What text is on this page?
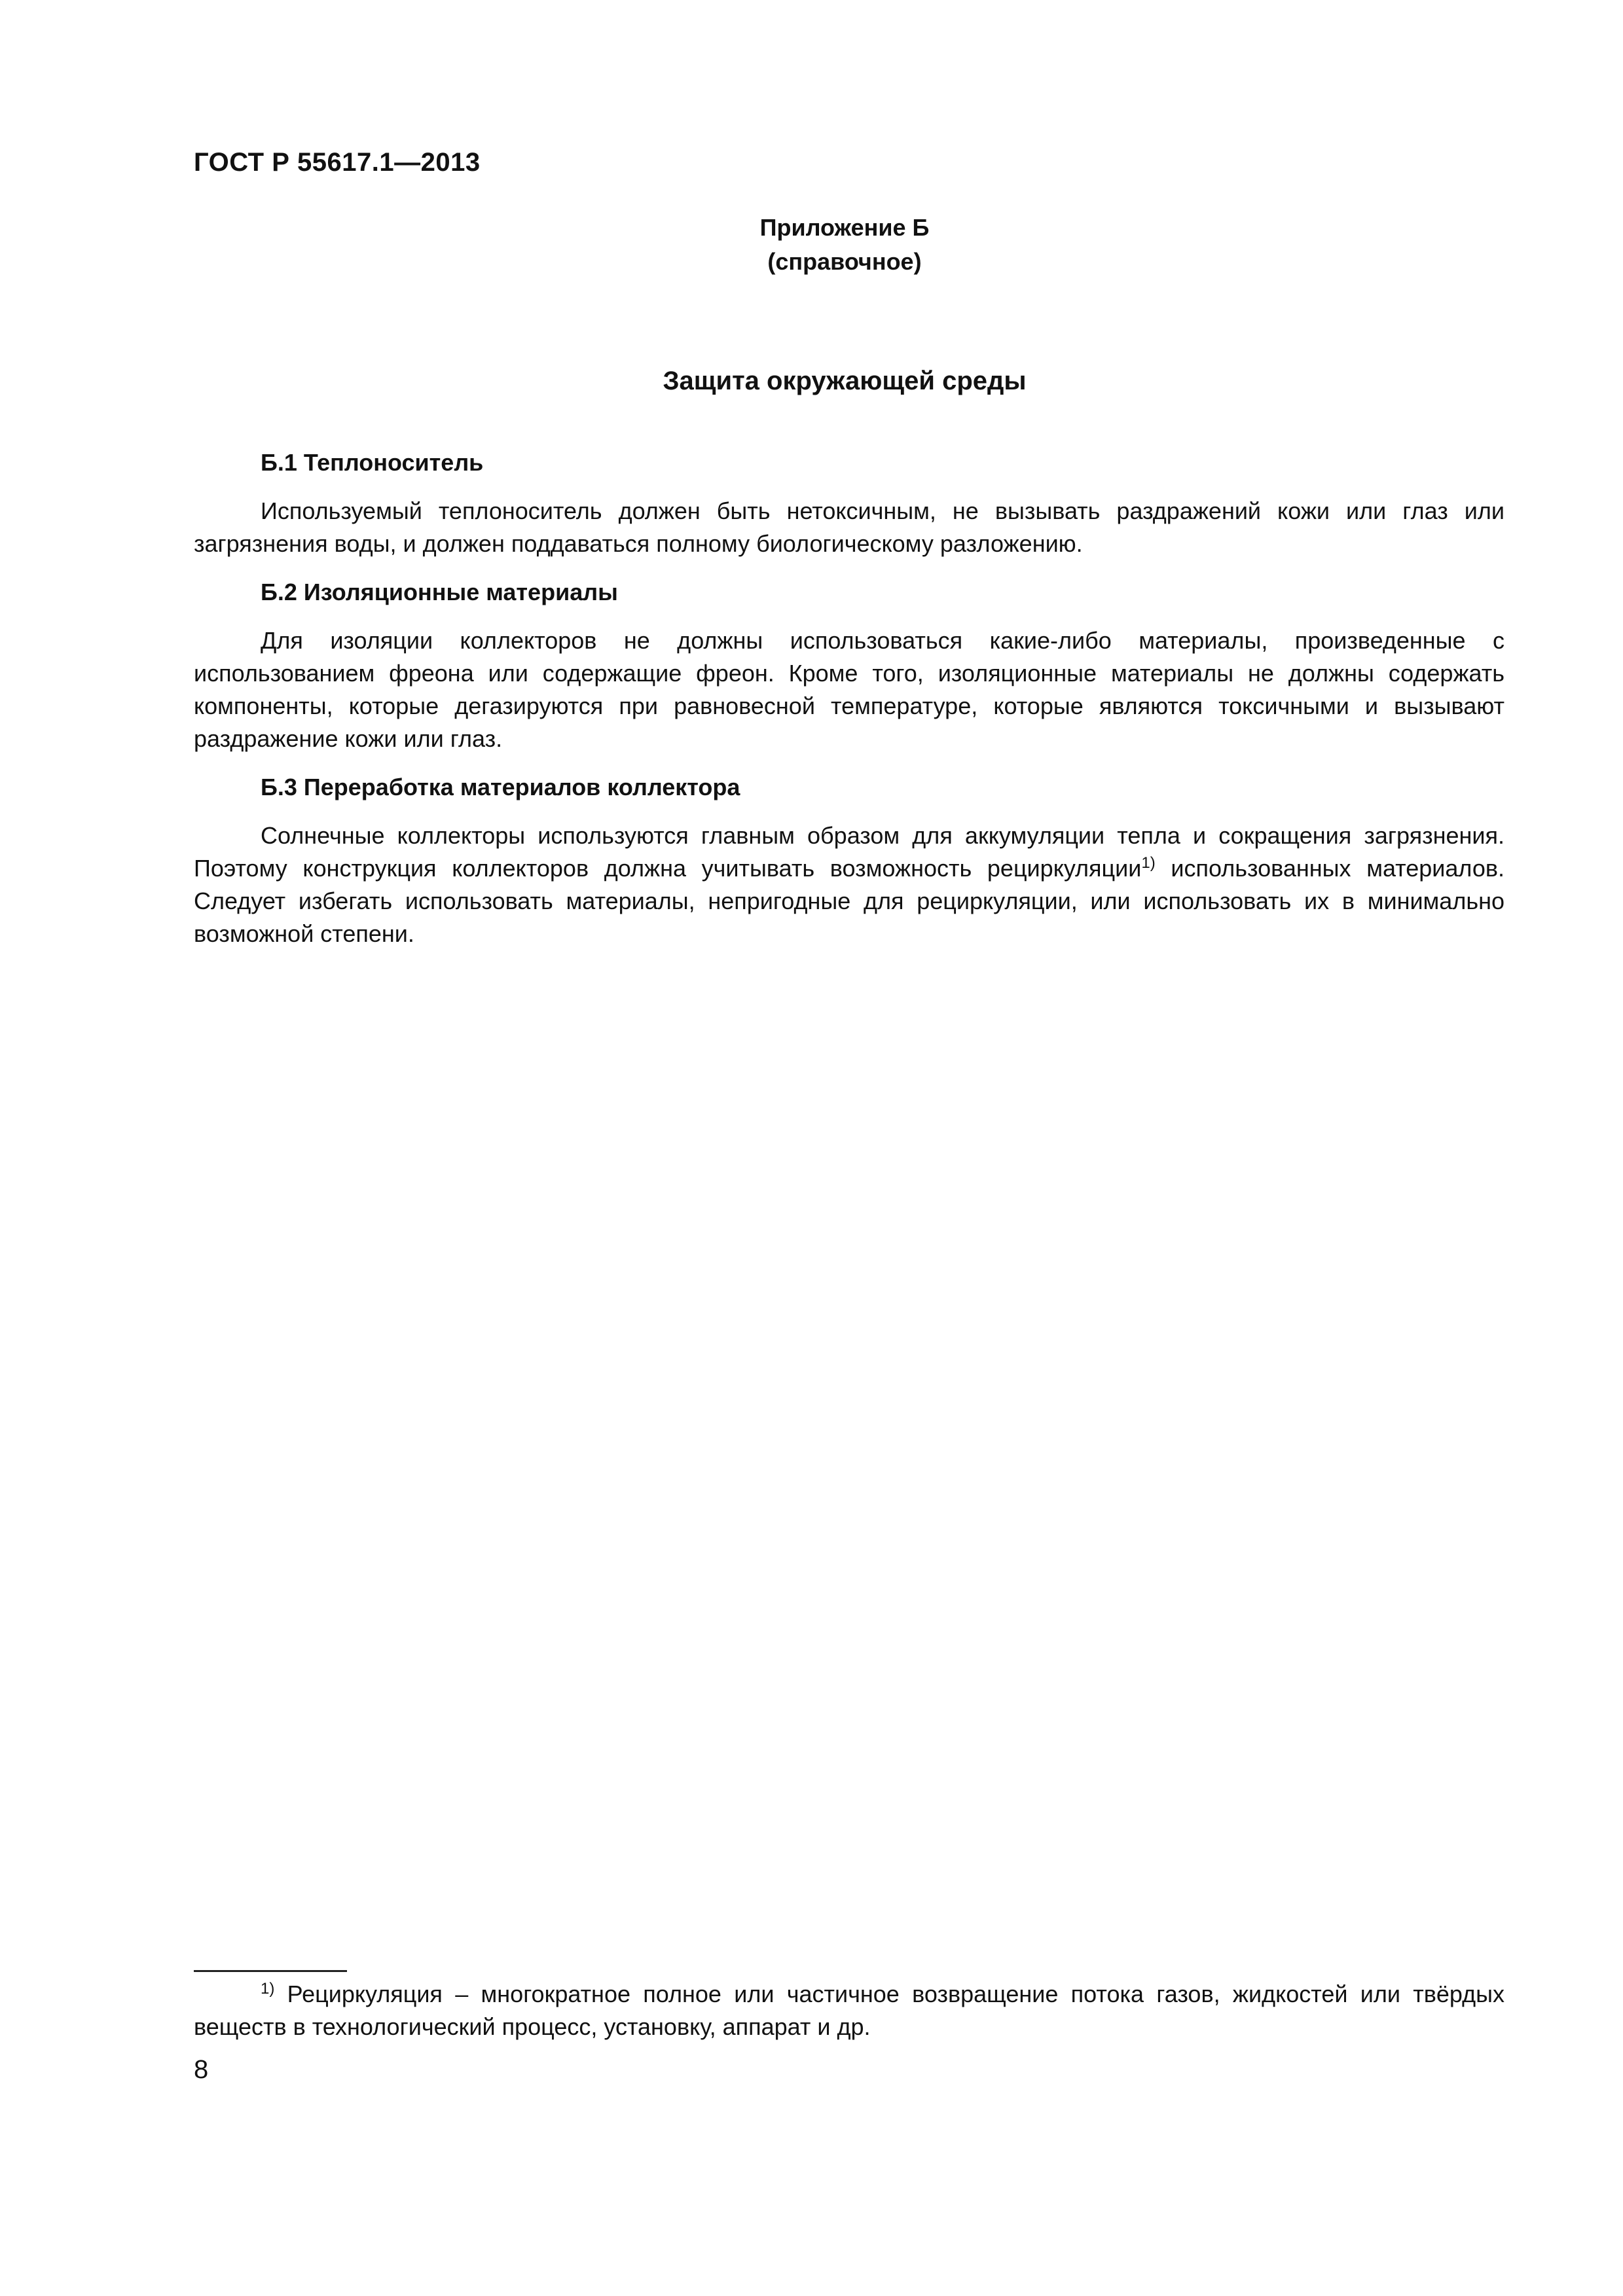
ГОСТ Р 55617.1—2013

Приложение Б
(справочное)
Защита окружающей среды
Б.1 Теплоноситель

Используемый теплоноситель должен быть нетоксичным, не вызывать раздражений кожи или глаз или загрязнения воды, и должен поддаваться полному биологическому разложению.

Б.2 Изоляционные материалы

Для изоляции коллекторов не должны использоваться какие-либо материалы, произведенные с использованием фреона или содержащие фреон. Кроме того, изоляционные материалы не должны содержать компоненты, которые дегазируются при равновесной температуре, которые являются токсичными и вызывают раздражение кожи или глаз.

Б.3 Переработка материалов коллектора

Солнечные коллекторы используются главным образом для аккумуляции тепла и сокращения загрязнения. Поэтому конструкция коллекторов должна учитывать возможность рециркуляции$^{1)}$ использованных материалов. Следует избегать использовать материалы, непригодные для рециркуляции, или использовать их в минимально возможной степени.

$^{1)}$ Рециркуляция – многократное полное или частичное возвращение потока газов, жидкостей или твёрдых веществ в технологический процесс, установку, аппарат и др.

8
